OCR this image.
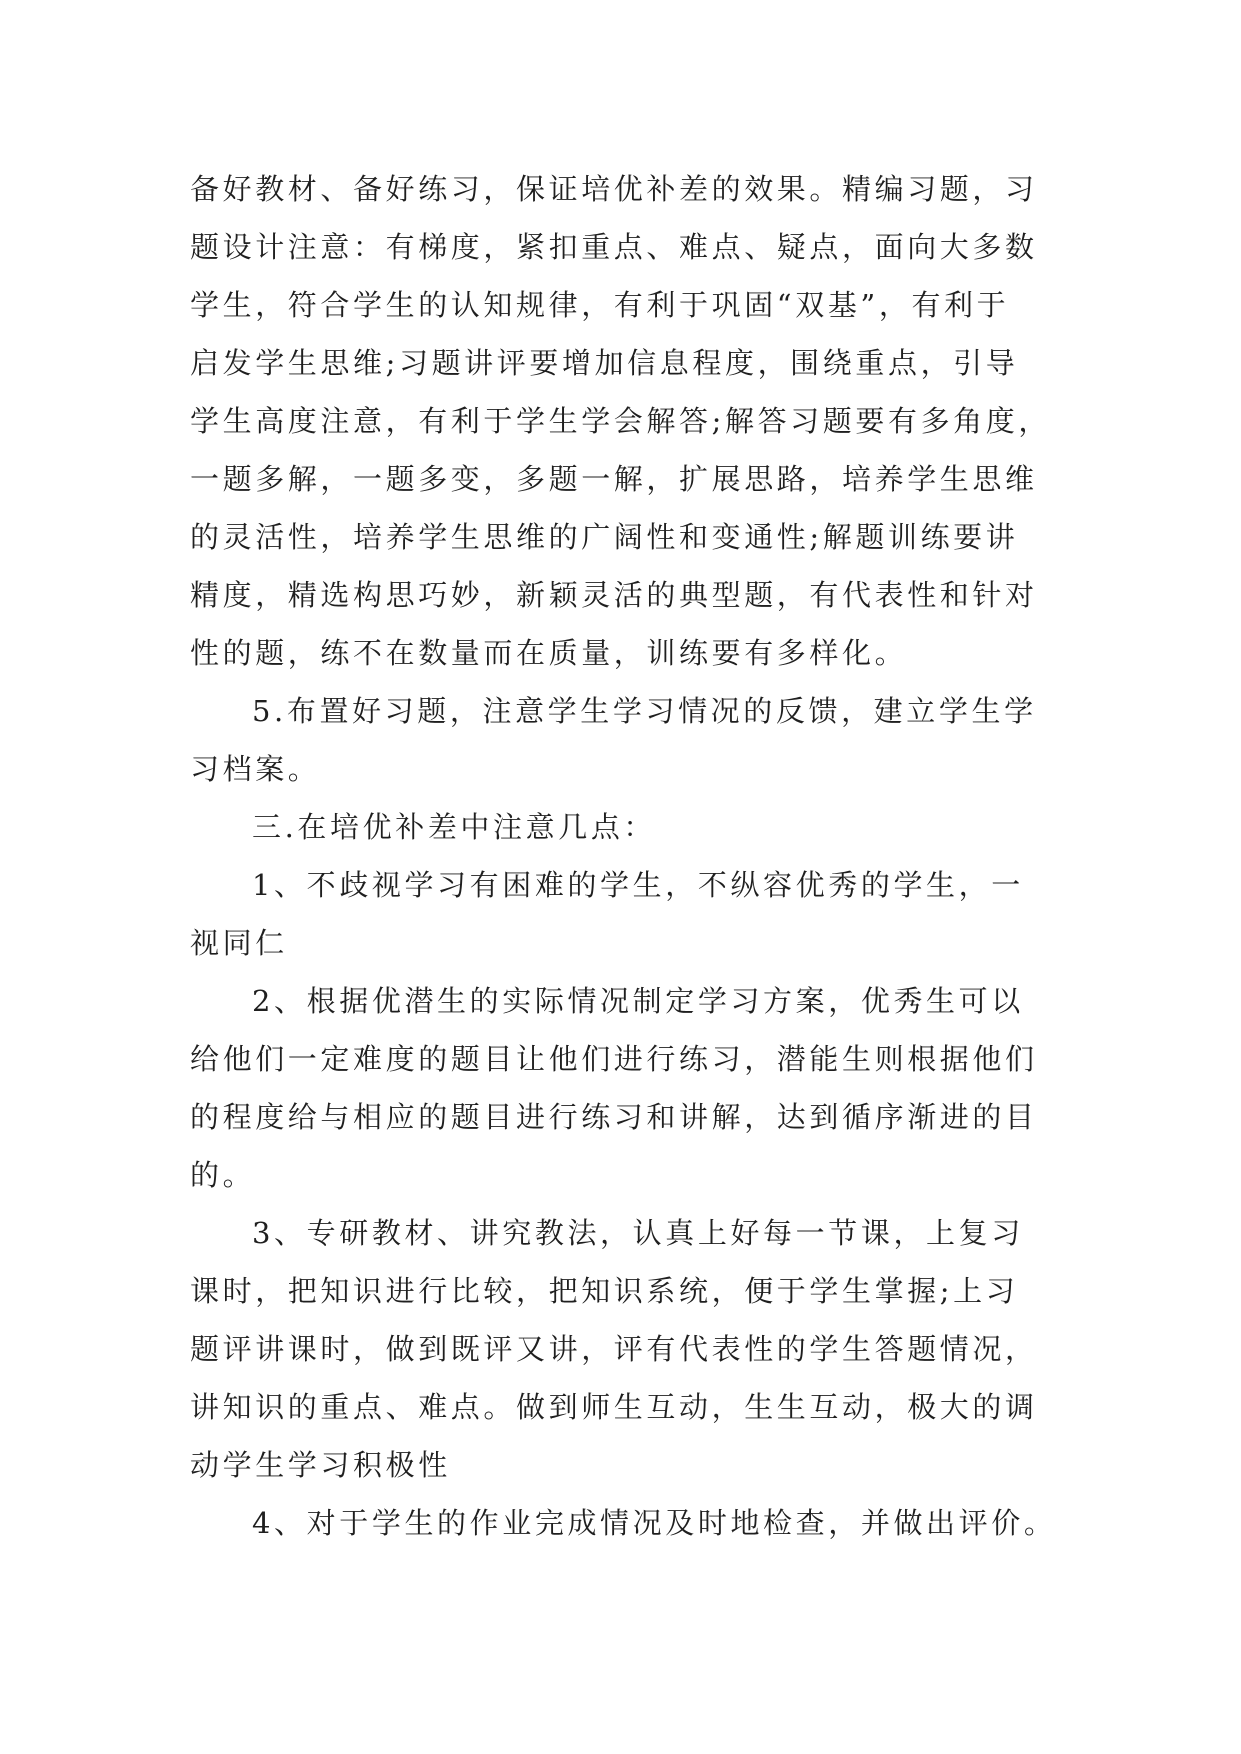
备好教材、备好练习，保证培优补差的效果。精编习题，习
题设计注意：有梯度，紧扣重点、难点、疑点，面向大多数
学生，符合学生的认知规律，有利于巩固“双基”，有利于
启发学生思维;习题讲评要增加信息程度，围绕重点，引导
学生高度注意，有利于学生学会解答;解答习题要有多角度，
一题多解，一题多变，多题一解，扩展思路，培养学生思维
的灵活性，培养学生思维的广阔性和变通性;解题训练要讲
精度，精选构思巧妙，新颖灵活的典型题，有代表性和针对
性的题，练不在数量而在质量，训练要有多样化。
5.布置好习题，注意学生学习情况的反馈，建立学生学
习档案。
三.在培优补差中注意几点：
1、不歧视学习有困难的学生，不纵容优秀的学生，一
视同仁
2、根据优潜生的实际情况制定学习方案，优秀生可以
给他们一定难度的题目让他们进行练习，潜能生则根据他们
的程度给与相应的题目进行练习和讲解，达到循序渐进的目
的。
3、专研教材、讲究教法，认真上好每一节课，上复习
课时，把知识进行比较，把知识系统，便于学生掌握;上习
题评讲课时，做到既评又讲，评有代表性的学生答题情况，
讲知识的重点、难点。做到师生互动，生生互动，极大的调
动学生学习积极性
4、对于学生的作业完成情况及时地检查，并做出评价。
